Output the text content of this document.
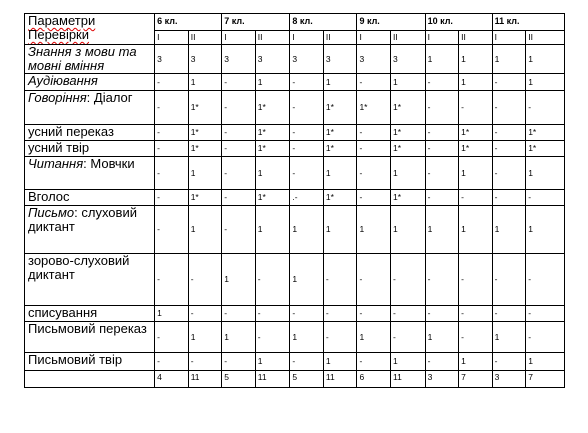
Параметри Перевірки	6 кл.		7 кл.		8 кл.		9 кл.		10 кл.		11 кл.	
	I	II	I	II	I	II	I	II	I	II	I	II
Знання з мови та мовні вміння	3	3	3	3	3	3	3	3	1	1	1	1
Аудіювання	-	1	-	1	-	1	-	1	-	1	-	1
Говоріння: Діалог	-	1*	-	1*	-	1*	1*	1*	-	-	-	-
усний переказ	-	1*	-	1*	-	1*	-	1*	-	1*	-	1*
усний твір	-	1*	-	1*	-	1*	-	1*	-	1*	-	1*
Читання: Мовчки	-	1	-	1	-	1	-	1	-	1	-	1
Вголос	-	1*	-	1*	.-	1*	-	1*	-	-	-	-
Письмо: слуховий диктант	-	1	-	1	1	1	1	1	1	1	1	1
зорово-слуховий диктант	-	-	1	-	1	-	-	-	-	-	-	-
списування	1	-	-	-	-	-	-	-	-	-	-	-
Письмовий переказ	-	1	1	-	1	-	1	-	1	-	1	-
Письмовий твір	-	-	-	1	-	1	-	1	-	1	-	1
	4	11	5	11	5	11	6	11	3	7	3	7
